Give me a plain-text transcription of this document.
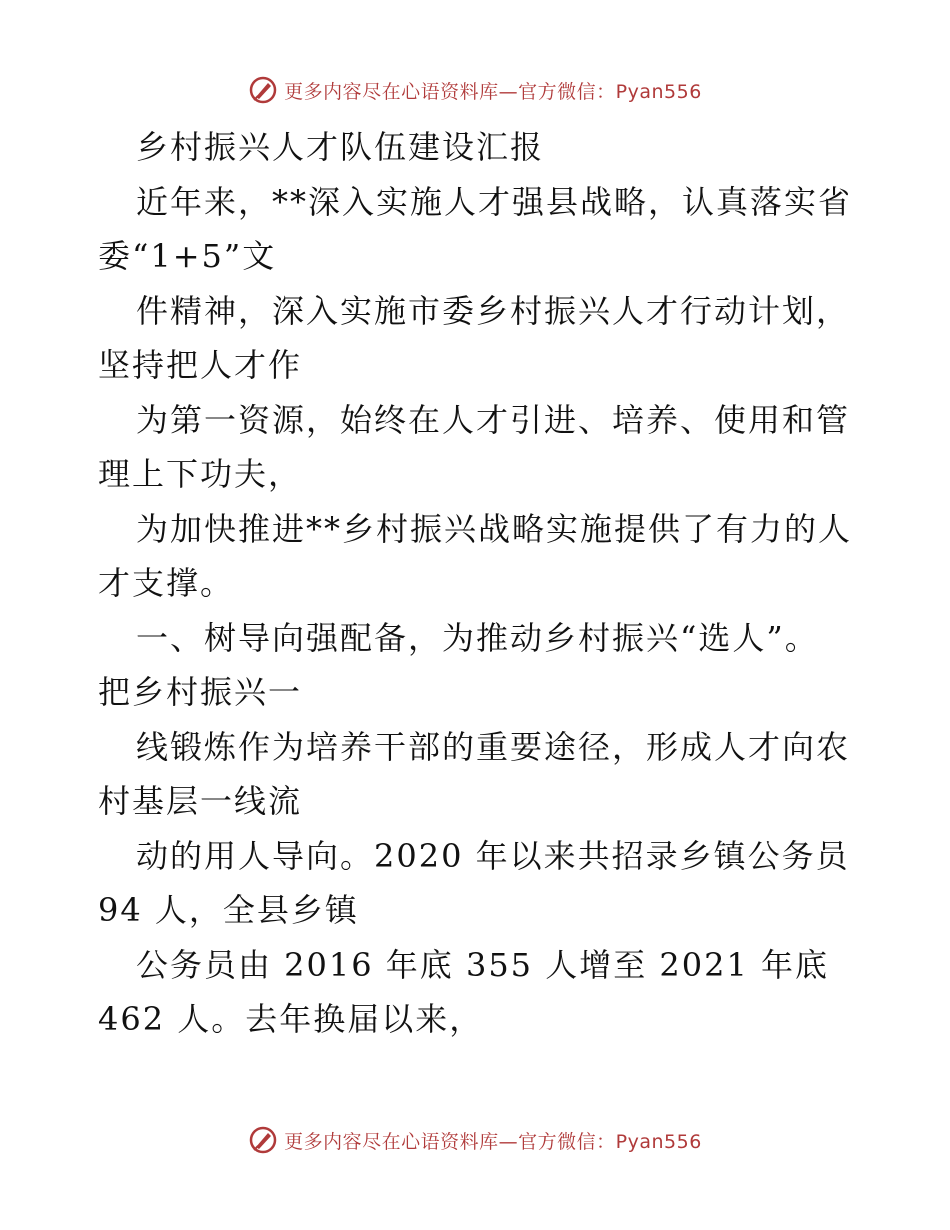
更多内容尽在心语资料库—官方微信：Pyan556
乡村振兴人才队伍建设汇报
近年来，**深入实施人才强县战略，认真落实省
委“1+5”文
件精神，深入实施市委乡村振兴人才行动计划，
坚持把人才作
为第一资源，始终在人才引进、培养、使用和管
理上下功夫，
为加快推进**乡村振兴战略实施提供了有力的人
才支撑。
一、树导向强配备，为推动乡村振兴“选人”。
把乡村振兴一
线锻炼作为培养干部的重要途径，形成人才向农
村基层一线流
动的用人导向。2020 年以来共招录乡镇公务员
94 人，全县乡镇
公务员由 2016 年底 355 人增至 2021 年底
462 人。去年换届以来，
更多内容尽在心语资料库—官方微信：Pyan556
